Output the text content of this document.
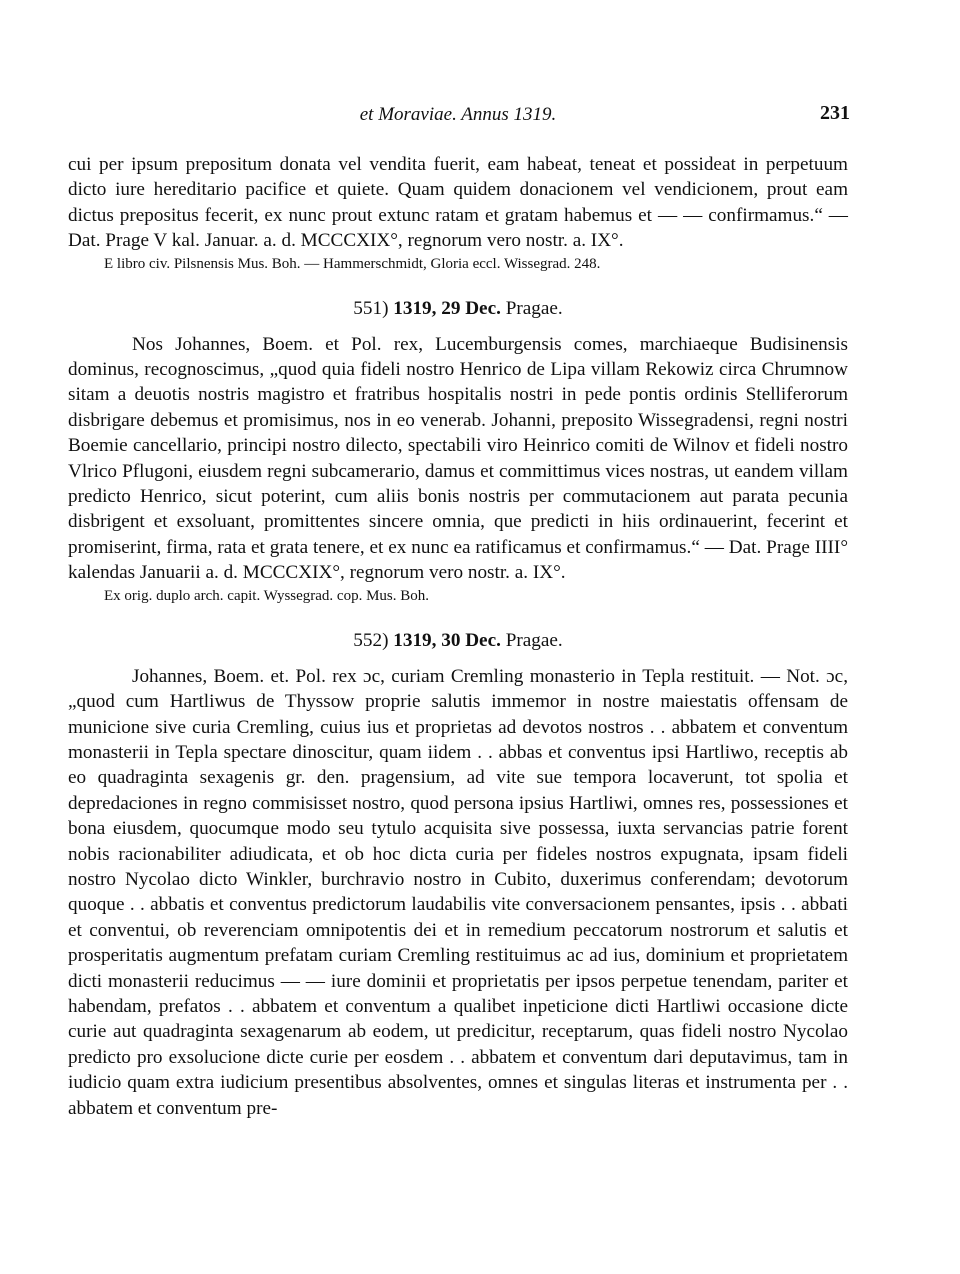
et Moraviae. Annus 1319.	231

cui per ipsum prepositum donata vel vendita fuerit, eam habeat, teneat et possideat in perpetuum dicto iure hereditario pacifice et quiete. Quam quidem donacionem vel vendicionem, prout eam dictus prepositus fecerit, ex nunc prout extunc ratam et gratam habemus et — — confirmamus.“ — Dat. Prage V kal. Januar. a. d. MCCCXIX°, regnorum vero nostr. a. IX°.

E libro civ. Pilsnensis Mus. Boh. — Hammerschmidt, Gloria eccl. Wissegrad. 248.

551) 1319, 29 Dec. Pragae.

Nos Johannes, Boem. et Pol. rex, Lucemburgensis comes, marchiaeque Budisinensis dominus, recognoscimus, „quod quia fideli nostro Henrico de Lipa villam Rekowiz circa Chrumnow sitam a deuotis nostris magistro et fratribus hospitalis nostri in pede pontis ordinis Stelliferorum disbrigare debemus et promisimus, nos in eo venerab. Johanni, preposito Wissegradensi, regni nostri Boemie cancellario, principi nostro dilecto, spectabili viro Heinrico comiti de Wilnov et fideli nostro Vlrico Pflugoni, eiusdem regni subcamerario, damus et committimus vices nostras, ut eandem villam predicto Henrico, sicut poterint, cum aliis bonis nostris per commutacionem aut parata pecunia disbrigent et exsoluant, promittentes sincere omnia, que predicti in hiis ordinauerint, fecerint et promiserint, firma, rata et grata tenere, et ex nunc ea ratificamus et confirmamus.“ — Dat. Prage IIII° kalendas Januarii a. d. MCCCXIX°, regnorum vero nostr. a. IX°.

Ex orig. duplo arch. capit. Wyssegrad. cop. Mus. Boh.

552) 1319, 30 Dec. Pragae.

Johannes, Boem. et. Pol. rex ɔc, curiam Cremling monasterio in Tepla restituit. — Not. ɔc, „quod cum Hartliwus de Thyssow proprie salutis immemor in nostre maiestatis offensam de municione sive curia Cremling, cuius ius et proprietas ad devotos nostros . . abbatem et conventum monasterii in Tepla spectare dinoscitur, quam iidem . . abbas et conventus ipsi Hartliwo, receptis ab eo quadraginta sexagenis gr. den. pragensium, ad vite sue tempora locaverunt, tot spolia et depredaciones in regno commisisset nostro, quod persona ipsius Hartliwi, omnes res, possessiones et bona eiusdem, quocumque modo seu tytulo acquisita sive possessa, iuxta servancias patrie forent nobis racionabiliter adiudicata, et ob hoc dicta curia per fideles nostros expugnata, ipsam fideli nostro Nycolao dicto Winkler, burchravio nostro in Cubito, duxerimus conferendam; devotorum quoque . . abbatis et conventus predictorum laudabilis vite conversacionem pensantes, ipsis . . abbati et conventui, ob reverenciam omnipotentis dei et in remedium peccatorum nostrorum et salutis et prosperitatis augmentum prefatam curiam Cremling restituimus ac ad ius, dominium et proprietatem dicti monasterii reducimus — — iure dominii et proprietatis per ipsos perpetue tenendam, pariter et habendam, prefatos . . abbatem et conventum a qualibet inpeticione dicti Hartliwi occasione dicte curie aut quadraginta sexagenarum ab eodem, ut predicitur, receptarum, quas fideli nostro Nycolao predicto pro exsolucione dicte curie per eosdem . . abbatem et conventum dari deputavimus, tam in iudicio quam extra iudicium presentibus absolventes, omnes et singulas literas et instrumenta per . . abbatem et conventum pre-
